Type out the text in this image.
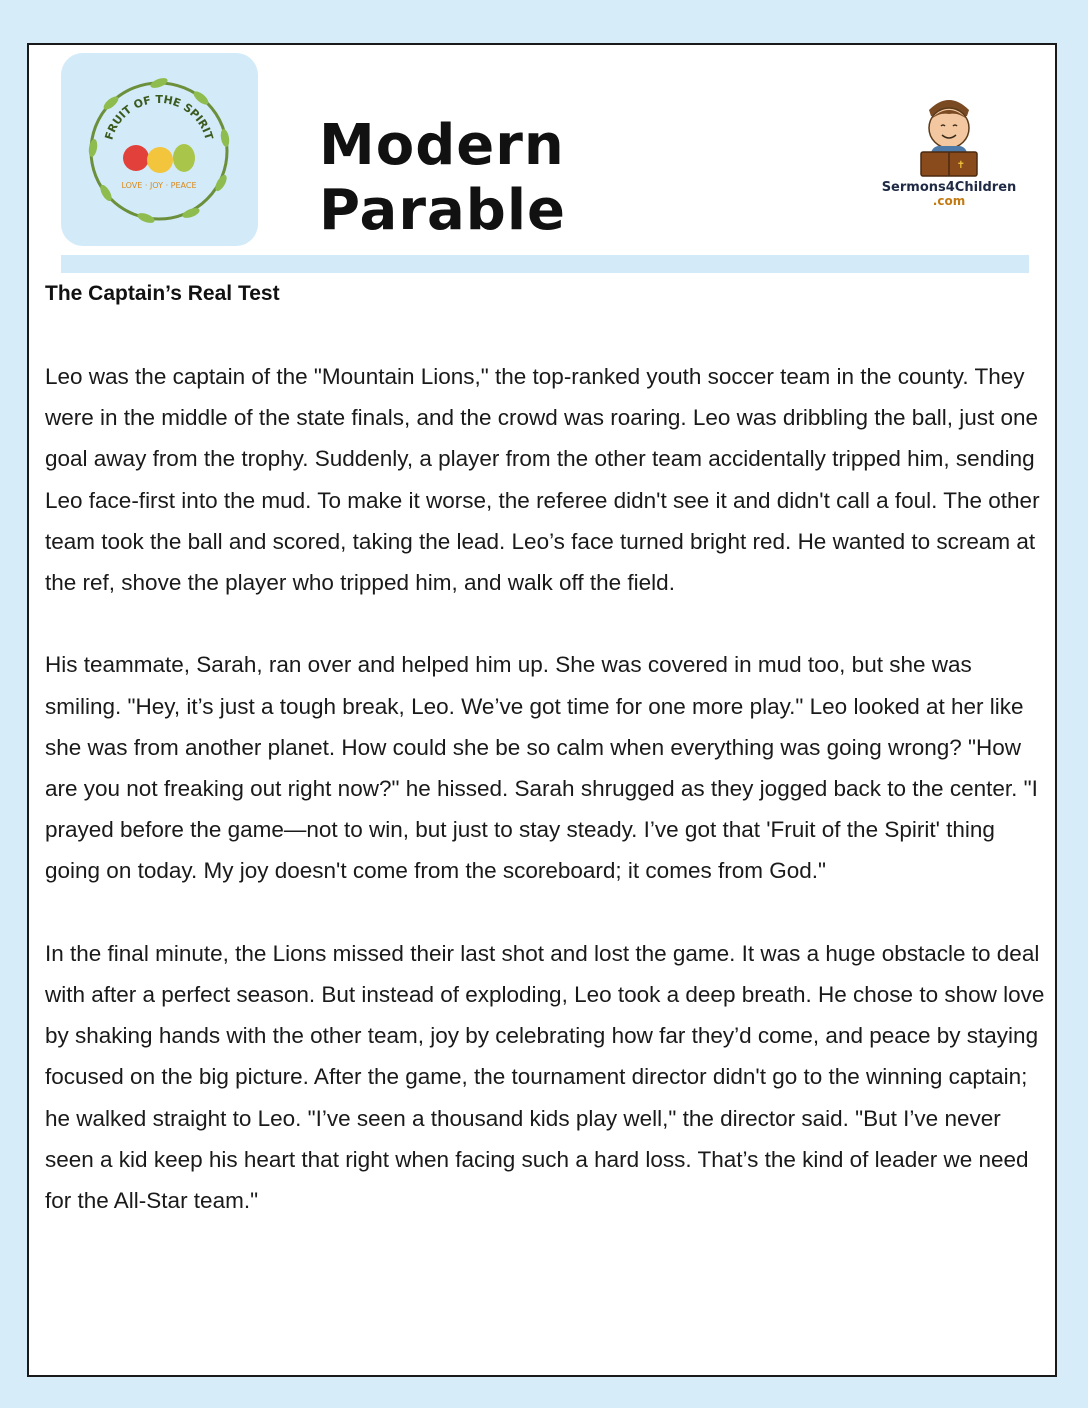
FRUIT OF THE SPIRIT
LOVE · JOY · PEACE
Modern Parable
✝
Sermons4Children
.com
The Captain’s Real Test

Leo was the captain of the "Mountain Lions," the top-ranked youth soccer team in the county. They were in the middle of the state finals, and the crowd was roaring. Leo was dribbling the ball, just one goal away from the trophy. Suddenly, a player from the other team accidentally tripped him, sending Leo face-first into the mud. To make it worse, the referee didn't see it and didn't call a foul. The other team took the ball and scored, taking the lead. Leo’s face turned bright red. He wanted to scream at the ref, shove the player who tripped him, and walk off the field.

His teammate, Sarah, ran over and helped him up. She was covered in mud too, but she was smiling. "Hey, it’s just a tough break, Leo. We’ve got time for one more play." Leo looked at her like she was from another planet. How could she be so calm when everything was going wrong? "How are you not freaking out right now?" he hissed. Sarah shrugged as they jogged back to the center. "I prayed before the game—not to win, but just to stay steady. I’ve got that 'Fruit of the Spirit' thing going on today. My joy doesn't come from the scoreboard; it comes from God."

In the final minute, the Lions missed their last shot and lost the game. It was a huge obstacle to deal with after a perfect season. But instead of exploding, Leo took a deep breath. He chose to show love by shaking hands with the other team, joy by celebrating how far they’d come, and peace by staying focused on the big picture. After the game, the tournament director didn't go to the winning captain; he walked straight to Leo. "I’ve seen a thousand kids play well," the director said. "But I’ve never seen a kid keep his heart that right when facing such a hard loss. That’s the kind of leader we need for the All-Star team."
